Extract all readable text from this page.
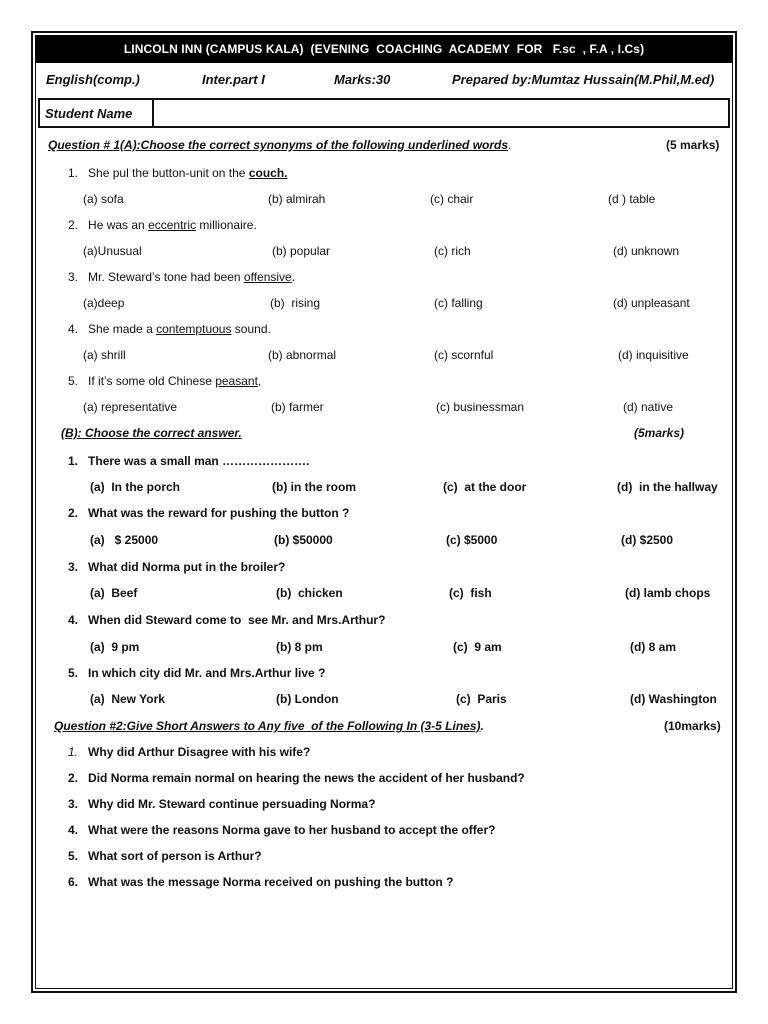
LINCOLN INN (CAMPUS KALA)  (EVENING  COACHING  ACADEMY  FOR   F.sc  , F.A , I.Cs)
English(comp.)	Inter.part I	Marks:30	Prepared by:Mumtaz Hussain(M.Phil,M.ed)
Student Name
Question # 1(A):Choose the correct synonyms of the following underlined words.	(5 marks)
1. She pul the button-unit on the couch.
(a) sofa	(b) almirah	(c) chair	(d ) table
2. He was an eccentric millionaire.
(a)Unusual	(b) popular	(c) rich	(d) unknown
3. Mr. Steward’s tone had been offensive.
(a)deep	(b)  rising	(c) falling	(d) unpleasant
4. She made a contemptuous sound.
(a) shrill	(b) abnormal	(c) scornful	(d) inquisitive
5. If it’s some old Chinese peasant,
(a) representative	(b) farmer	(c) businessman	(d) native
(B): Choose the correct answer.	(5marks)
1. There was a small man ………………….
(a)  In the porch	(b) in the room	(c)  at the door	(d)  in the hallway
2. What was the reward for pushing the button ?
(a)   $ 25000	(b) $50000	(c) $5000	(d) $2500
3. What did Norma put in the broiler?
(a)  Beef	(b)  chicken	(c)  fish	(d) lamb chops
4. When did Steward come to  see Mr. and Mrs.Arthur?
(a)  9 pm	(b) 8 pm	(c)  9 am	(d) 8 am
5. In which city did Mr. and Mrs.Arthur live ?
(a)  New York	(b) London	(c)  Paris	(d) Washington
Question #2:Give Short Answers to Any five  of the Following In (3-5 Lines).	(10marks)
1. Why did Arthur Disagree with his wife?
2. Did Norma remain normal on hearing the news the accident of her husband?
3. Why did Mr. Steward continue persuading Norma?
4. What were the reasons Norma gave to her husband to accept the offer?
5. What sort of person is Arthur?
6. What was the message Norma received on pushing the button ?
